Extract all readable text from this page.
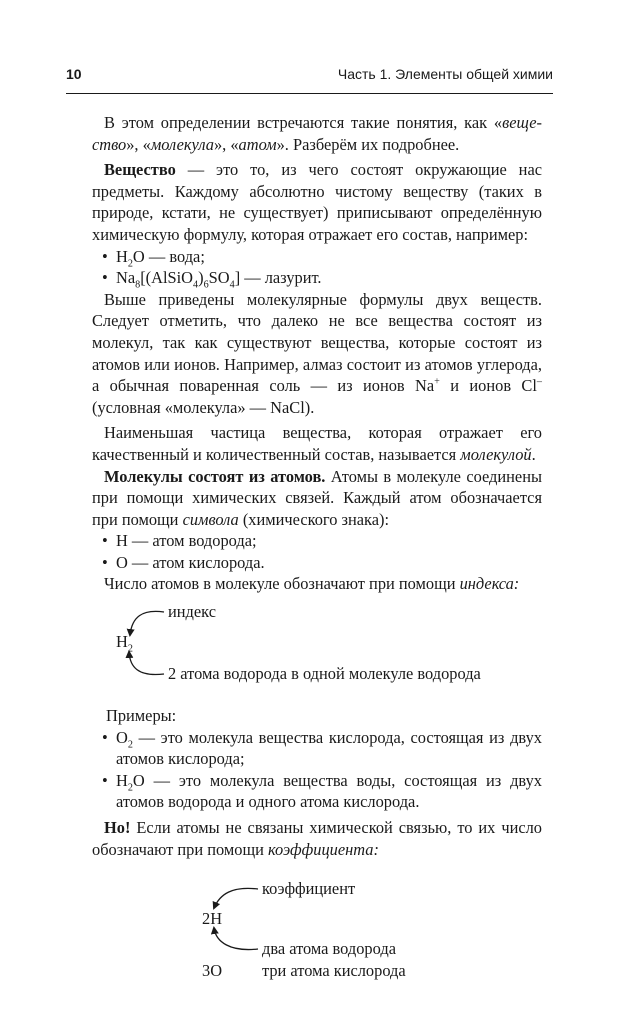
10	Часть 1. Элементы общей химии

В этом определении встречаются такие понятия, как «веще-ство», «молекула», «атом». Разберём их подробнее.

Вещество — это то, из чего состоят окружающие нас предметы. Каждому абсолютно чистому веществу (таких в природе, кстати, не существует) приписывают определённую химическую формулу, которая отражает его состав, например:

• $H_2O$ — вода;
• $Na_8[(AlSiO_4)_6SO_4]$ — лазурит.

Выше приведены молекулярные формулы двух веществ. Следует отметить, что далеко не все вещества состоят из молекул, так как существуют вещества, которые состоят из атомов или ионов. Например, алмаз состоит из атомов углерода, а обычная поваренная соль — из ионов Na+ и ионов Cl– (условная «молекула» — NaCl).

Наименьшая частица вещества, которая отражает его качественный и количественный состав, называется молекулой.

Молекулы состоят из атомов. Атомы в молекуле соединены при помощи химических связей. Каждый атом обозначается при помощи символа (химического знака):

• H — атом водорода;
• O — атом кислорода.

Число атомов в молекуле обозначают при помощи индекса:

индекс
$H_2$
2 атома водорода в одной молекуле водорода

Примеры:

• $O_2$ — это молекула вещества кислорода, состоящая из двух атомов кислорода;
• $H_2O$ — это молекула вещества воды, состоящая из двух атомов водорода и одного атома кислорода.

Но! Если атомы не связаны химической связью, то их число обозначают при помощи коэффициента:

коэффициент
2H
два атома водорода
3O три атома кислорода
